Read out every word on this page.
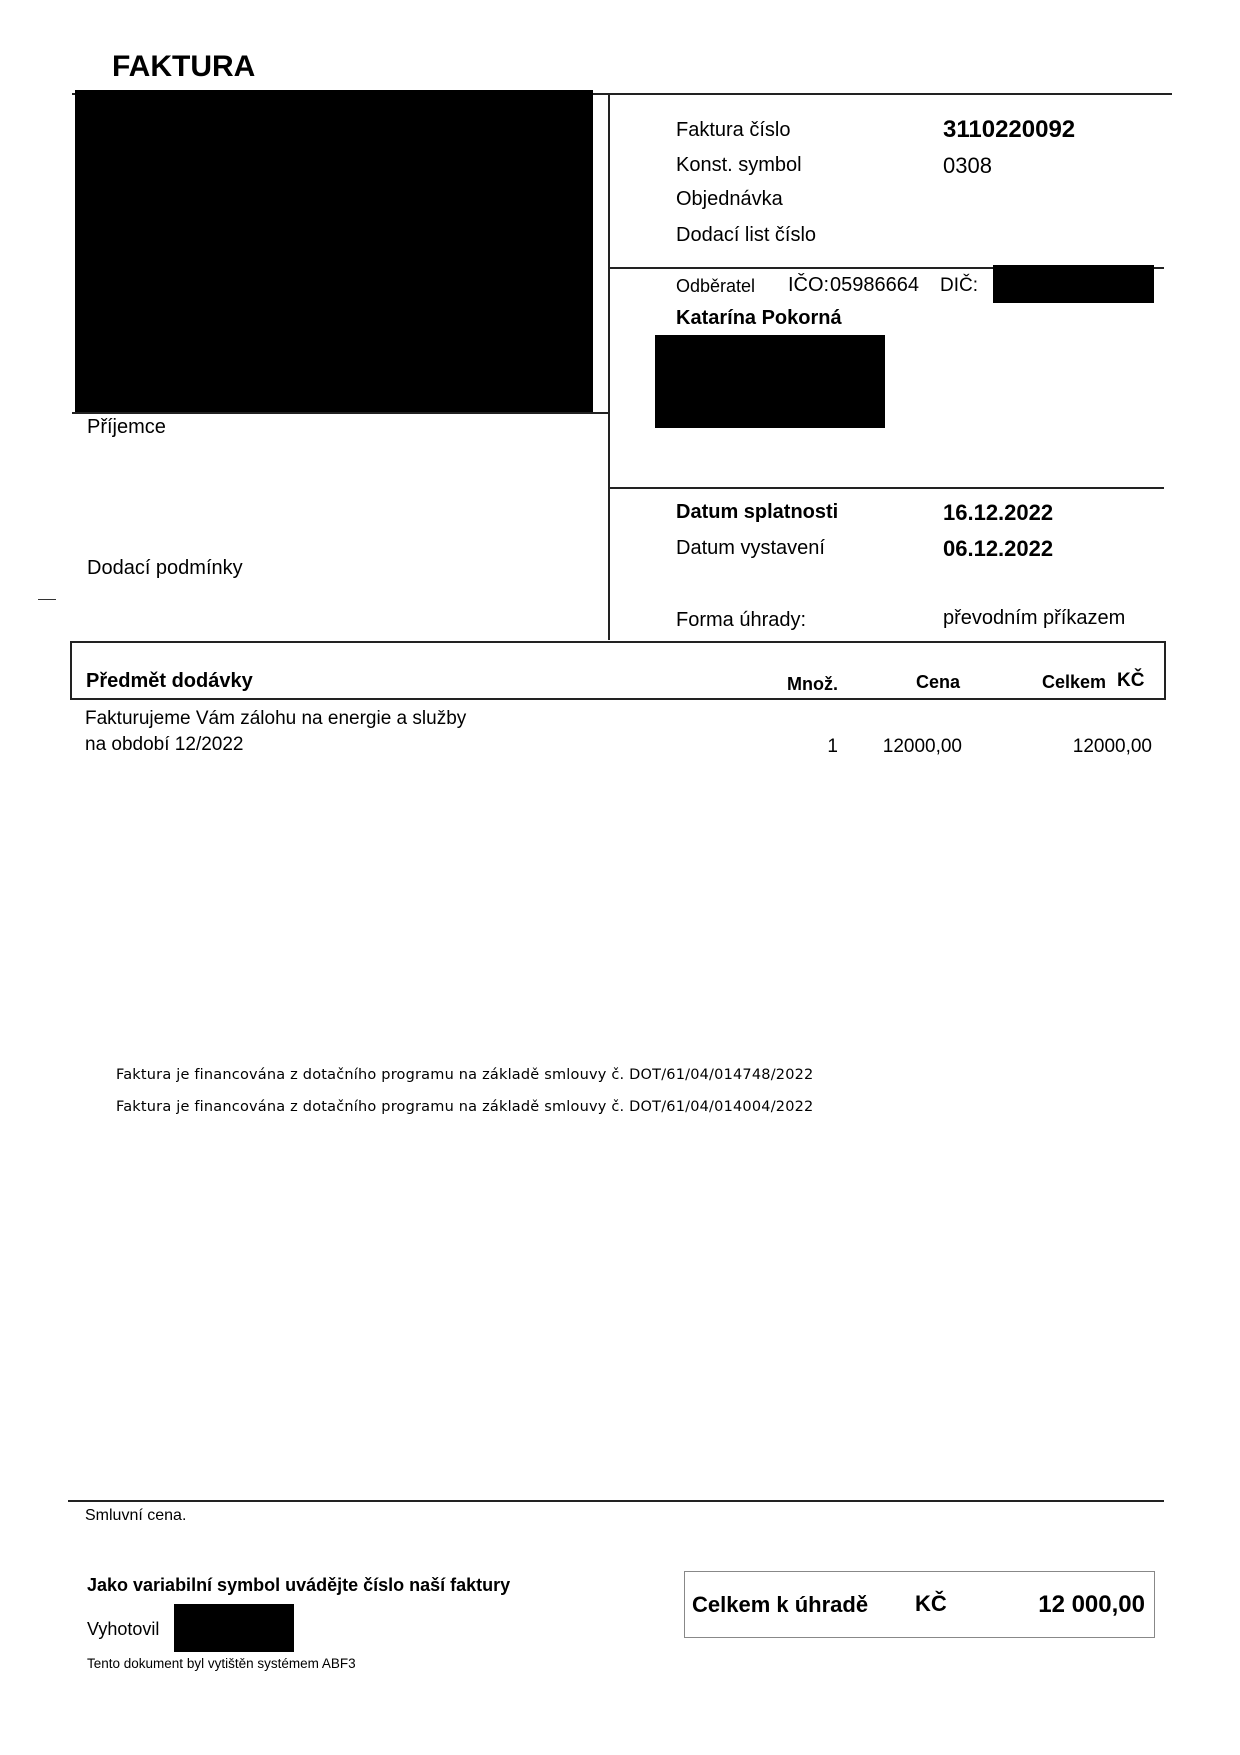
FAKTURA
Faktura číslo	3110220092
Konst. symbol	0308
Objednávka
Dodací list číslo
Odběratel IČO: 05986664 DIČ:
Katarína Pokorná
Příjemce
Dodací podmínky
Datum splatnosti	16.12.2022
Datum vystavení	06.12.2022
Forma úhrady:	převodním příkazem
Předmět dodávky	Množ.	Cena	Celkem KČ
Fakturujeme Vám zálohu na energie a služby
na období 12/2022	1	12000,00	12000,00
Faktura je financována z dotačního programu na základě smlouvy č. DOT/61/04/014748/2022
Faktura je financována z dotačního programu na základě smlouvy č. DOT/61/04/014004/2022
Smluvní cena.
Jako variabilní symbol uvádějte číslo naší faktury
Vyhotovil
Tento dokument byl vytištěn systémem ABF3
Celkem k úhradě KČ	12 000,00
